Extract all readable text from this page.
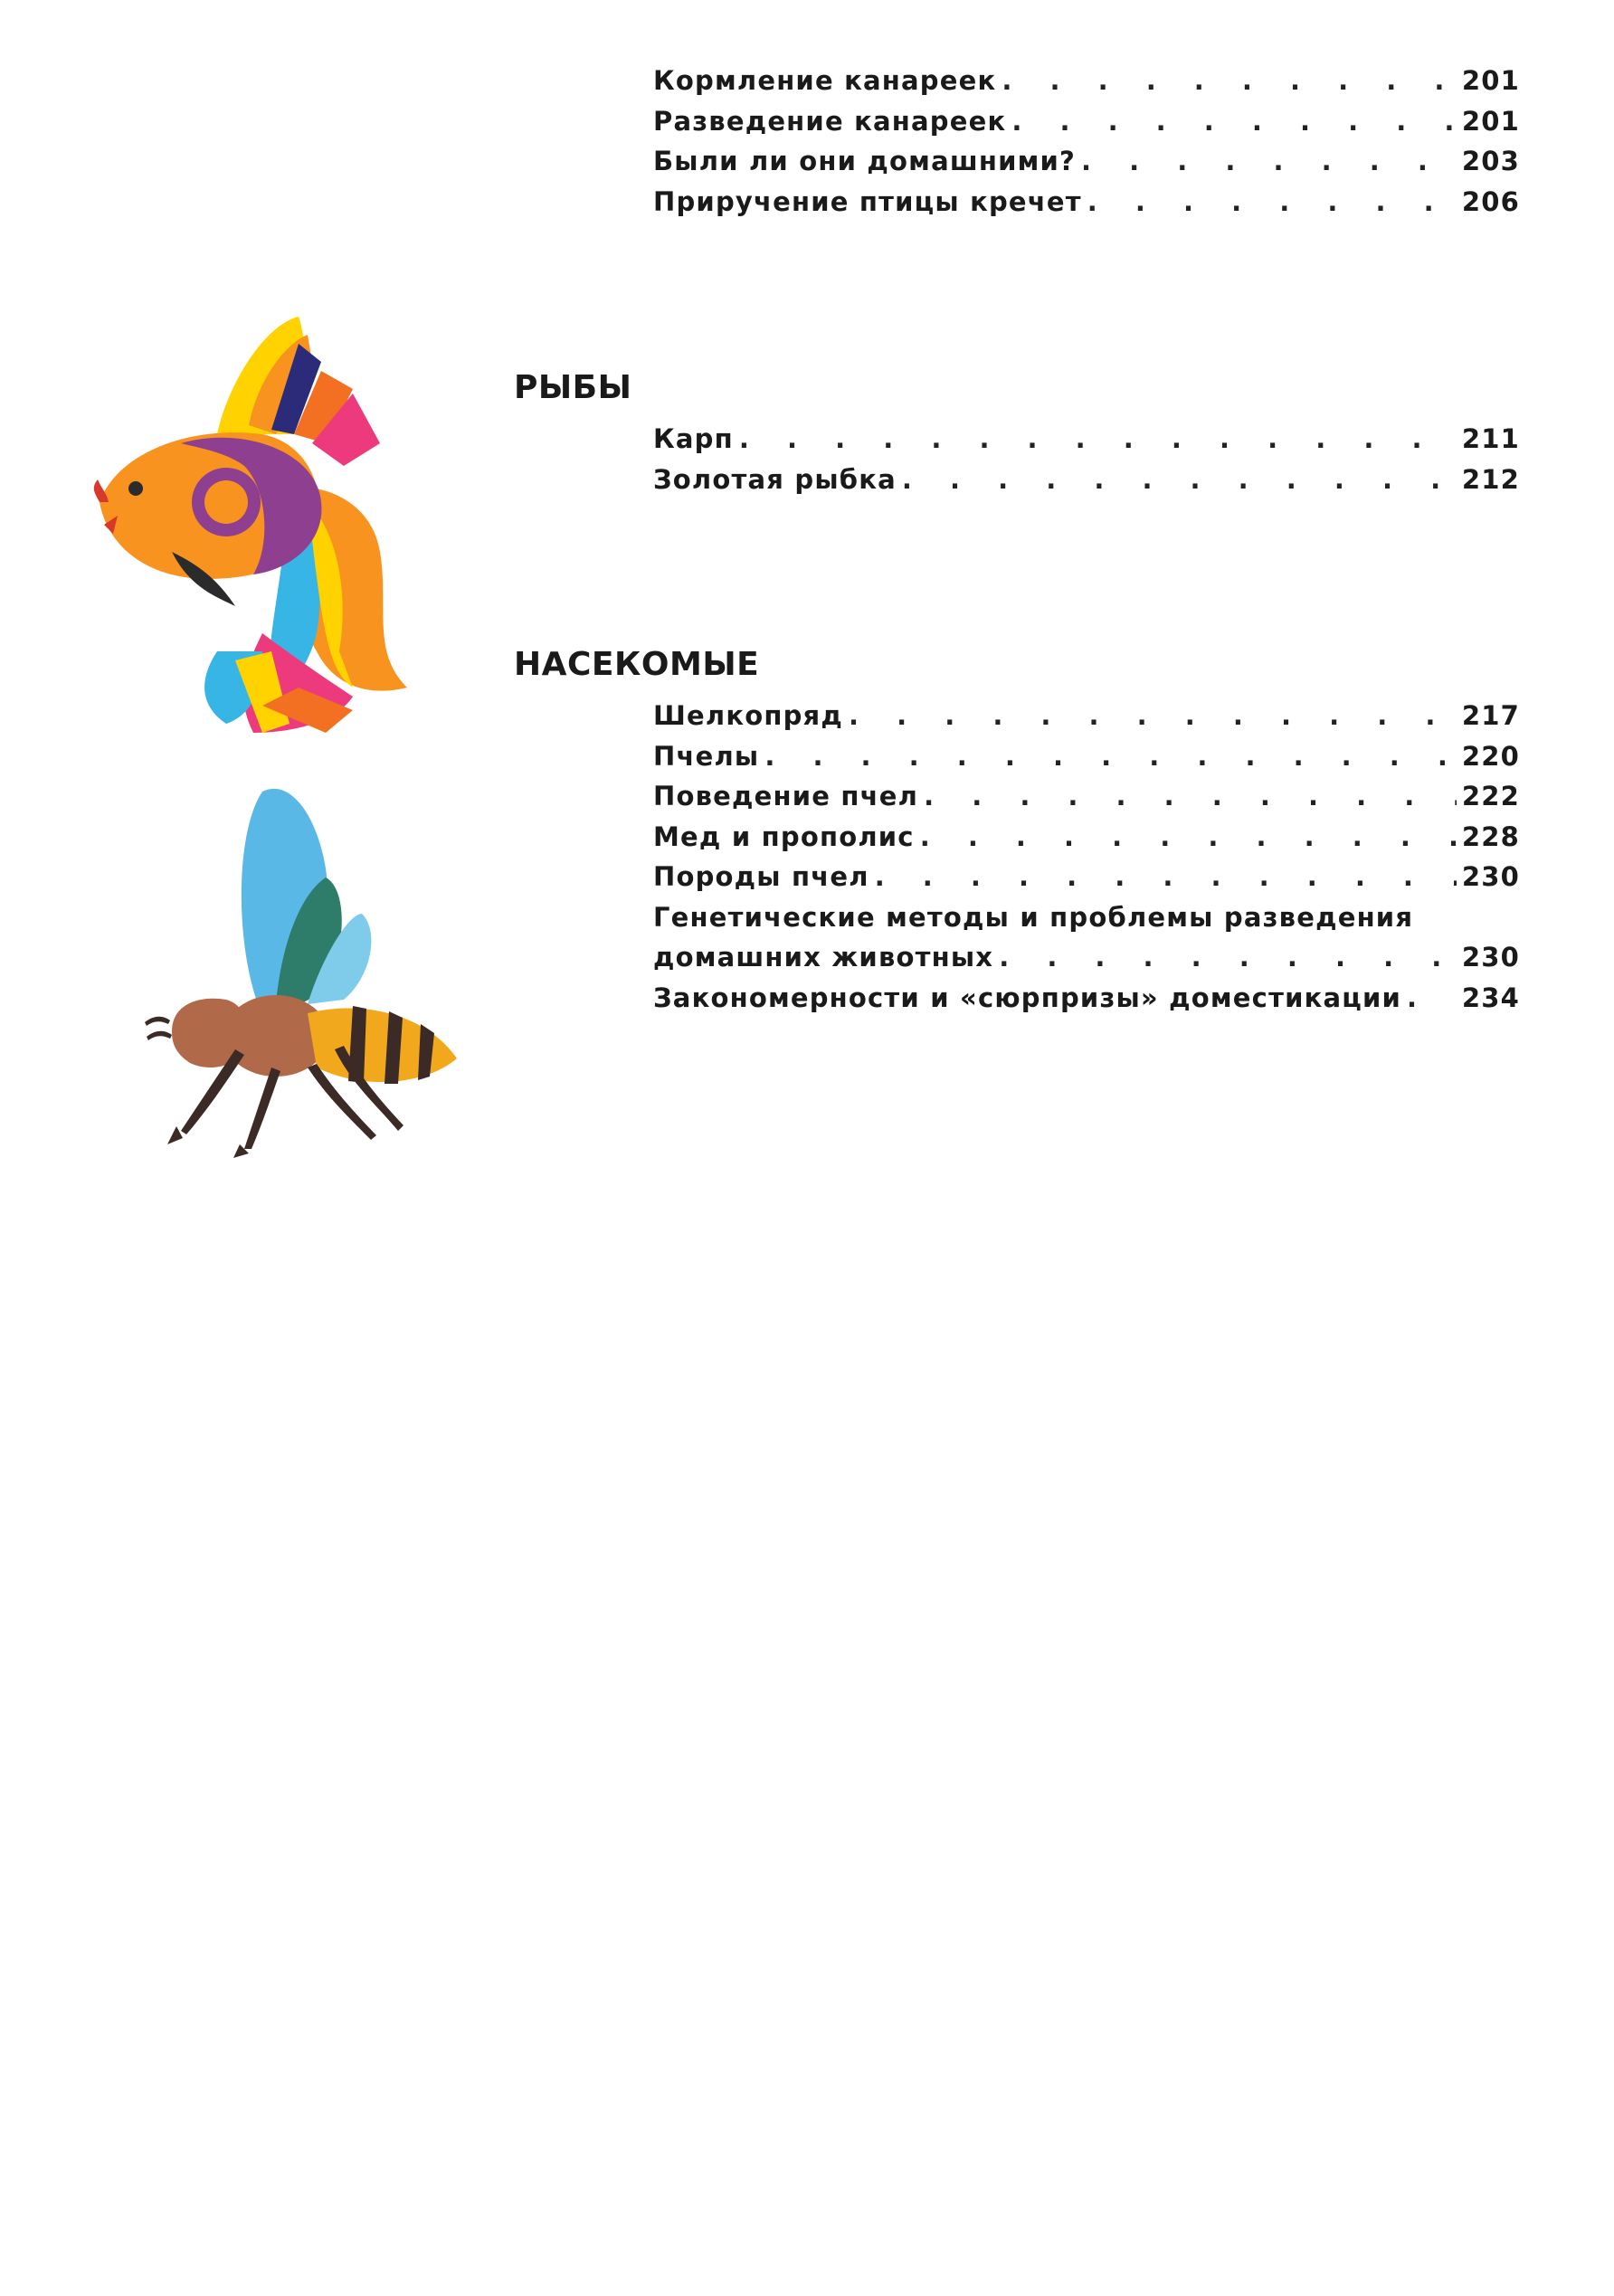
Кормление канареек . . .	201
Разведение канареек . . .	201
Были ли они домашними? . . .	203
Приручение птицы кречет . . .	206
РЫБЫ
Карп . . .	211
Золотая рыбка . . .	212
НАСЕКОМЫЕ
Шелкопряд . . .	217
Пчелы . . .	220
Поведение пчел . . .	222
Мед и прополис . . .	228
Породы пчел . . .	230
Генетические методы и проблемы разведения
домашних животных . . .	230
Закономерности и «сюрпризы» доместикации . . . 234
